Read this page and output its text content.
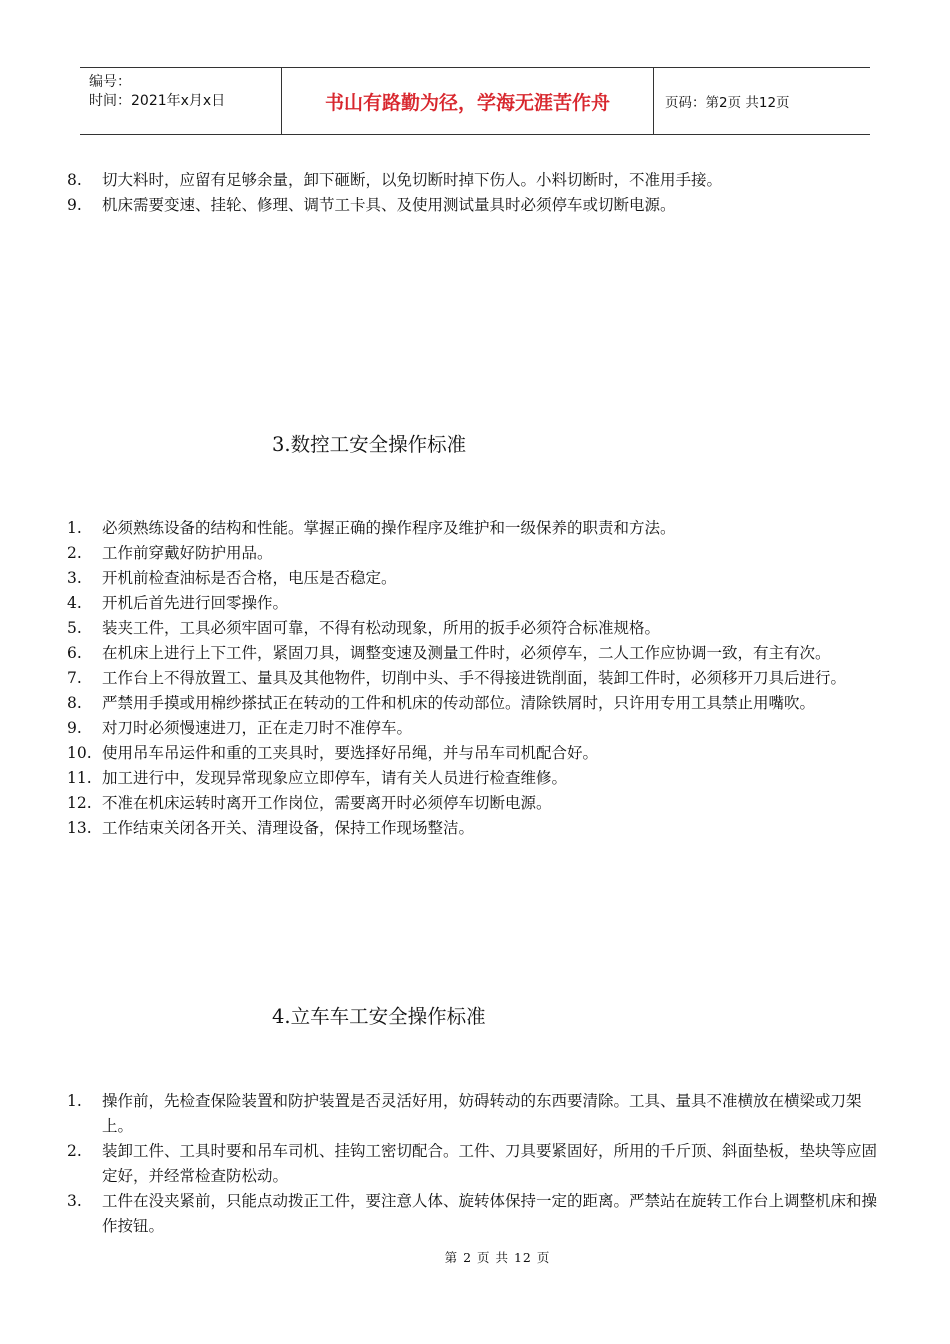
编号：
时间：2021年x月x日	书山有路勤为径，学海无涯苦作舟	页码：第2页 共12页
8.	切大料时，应留有足够余量，卸下砸断，以免切断时掉下伤人。小料切断时，不准用手接。
9.	机床需要变速、挂轮、修理、调节工卡具、及使用测试量具时必须停车或切断电源。
3.数控工安全操作标准
1.	必须熟练设备的结构和性能。掌握正确的操作程序及维护和一级保养的职责和方法。
2.	工作前穿戴好防护用品。
3.	开机前检查油标是否合格，电压是否稳定。
4.	开机后首先进行回零操作。
5.	装夹工件，工具必须牢固可靠，不得有松动现象，所用的扳手必须符合标准规格。
6.	在机床上进行上下工件，紧固刀具，调整变速及测量工件时，必须停车，二人工作应协调一致，有主有次。
7.	工作台上不得放置工、量具及其他物件，切削中头、手不得接进铣削面，装卸工件时，必须移开刀具后进行。
8.	严禁用手摸或用棉纱搽拭正在转动的工件和机床的传动部位。清除铁屑时，只许用专用工具禁止用嘴吹。
9.	对刀时必须慢速进刀，正在走刀时不准停车。
10. 使用吊车吊运件和重的工夹具时，要选择好吊绳，并与吊车司机配合好。
11. 加工进行中，发现异常现象应立即停车，请有关人员进行检查维修。
12. 不准在机床运转时离开工作岗位，需要离开时必须停车切断电源。
13. 工作结束关闭各开关、清理设备，保持工作现场整洁。
4.立车车工安全操作标准
1.	操作前，先检查保险装置和防护装置是否灵活好用，妨碍转动的东西要清除。工具、量具不准横放在横梁或刀架上。
2.	装卸工件、工具时要和吊车司机、挂钩工密切配合。工件、刀具要紧固好，所用的千斤顶、斜面垫板，垫块等应固定好，并经常检查防松动。
3.	工件在没夹紧前，只能点动拨正工件，要注意人体、旋转体保持一定的距离。严禁站在旋转工作台上调整机床和操作按钮。
第 2 页 共 12 页
